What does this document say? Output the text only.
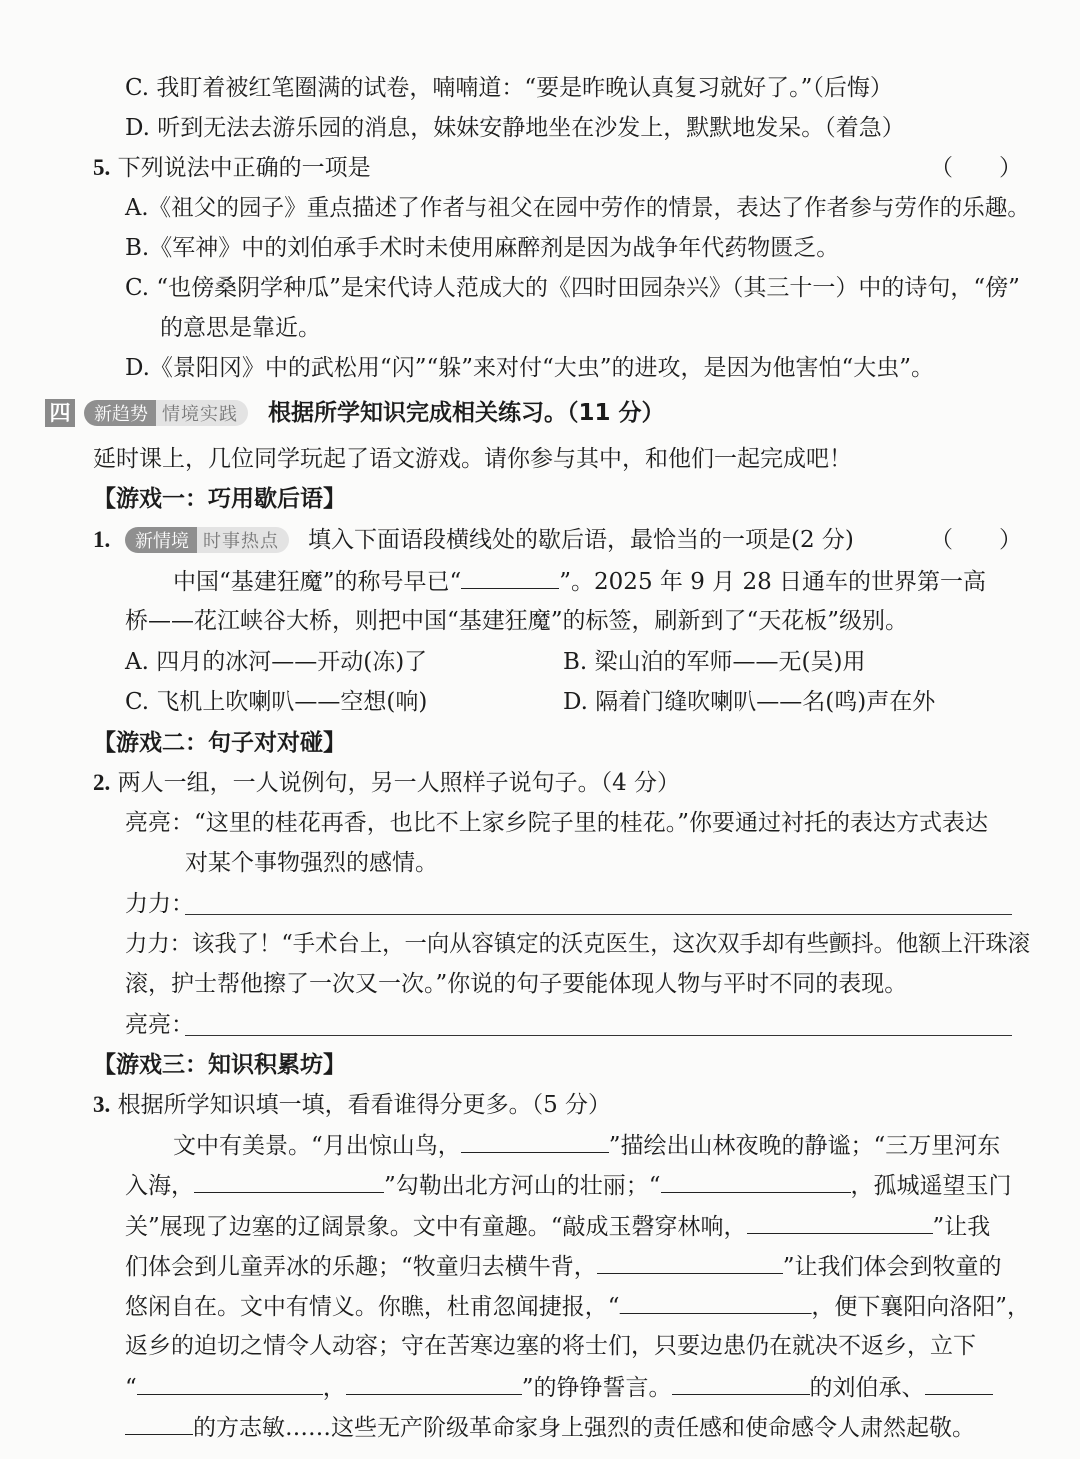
C. 我盯着被红笔圈满的试卷，喃喃道：“要是昨晚认真复习就好了。”（后悔）
D. 听到无法去游乐园的消息，妹妹安静地坐在沙发上，默默地发呆。（着急）
5. 下列说法中正确的一项是	（　　）
A.《祖父的园子》重点描述了作者与祖父在园中劳作的情景，表达了作者参与劳作的乐趣。
B.《军神》中的刘伯承手术时未使用麻醉剂是因为战争年代药物匮乏。
C. “也傍桑阴学种瓜”是宋代诗人范成大的《四时田园杂兴》（其三十一）中的诗句，“傍”
的意思是靠近。
D.《景阳冈》中的武松用“闪”“躲”来对付“大虫”的进攻，是因为他害怕“大虫”。
四	新趋势 情境实践	根据所学知识完成相关练习。（11 分）
延时课上，几位同学玩起了语文游戏。请你参与其中，和他们一起完成吧！
【游戏一：巧用歇后语】
1.	新情境 时事热点	填入下面语段横线处的歇后语，最恰当的一项是(2 分)	（　　）
中国“基建狂魔”的称号早已“	”。2025 年 9 月 28 日通车的世界第一高
桥——花江峡谷大桥，则把中国“基建狂魔”的标签，刷新到了“天花板”级别。
A. 四月的冰河——开动(冻)了	B. 梁山泊的军师——无(吴)用
C. 飞机上吹喇叭——空想(响)	D. 隔着门缝吹喇叭——名(鸣)声在外
【游戏二：句子对对碰】
2. 两人一组，一人说例句，另一人照样子说句子。（4 分）
亮亮：“这里的桂花再香，也比不上家乡院子里的桂花。”你要通过衬托的表达方式表达
对某个事物强烈的感情。
力力：
力力：该我了！“手术台上，一向从容镇定的沃克医生，这次双手却有些颤抖。他额上汗珠滚
滚，护士帮他擦了一次又一次。”你说的句子要能体现人物与平时不同的表现。
亮亮：
【游戏三：知识积累坊】
3. 根据所学知识填一填，看看谁得分更多。（5 分）
文中有美景。“月出惊山鸟，	”描绘出山林夜晚的静谧；“三万里河东
入海，	”勾勒出北方河山的壮丽；“	，孤城遥望玉门
关”展现了边塞的辽阔景象。文中有童趣。“敲成玉磬穿林响，	”让我
们体会到儿童弄冰的乐趣；“牧童归去横牛背，	”让我们体会到牧童的
悠闲自在。文中有情义。你瞧，杜甫忽闻捷报，“	，便下襄阳向洛阳”，
返乡的迫切之情令人动容；守在苦寒边塞的将士们，只要边患仍在就决不返乡，立下
“	，	”的铮铮誓言。	的刘伯承、
的方志敏……这些无产阶级革命家身上强烈的责任感和使命感令人肃然起敬。
